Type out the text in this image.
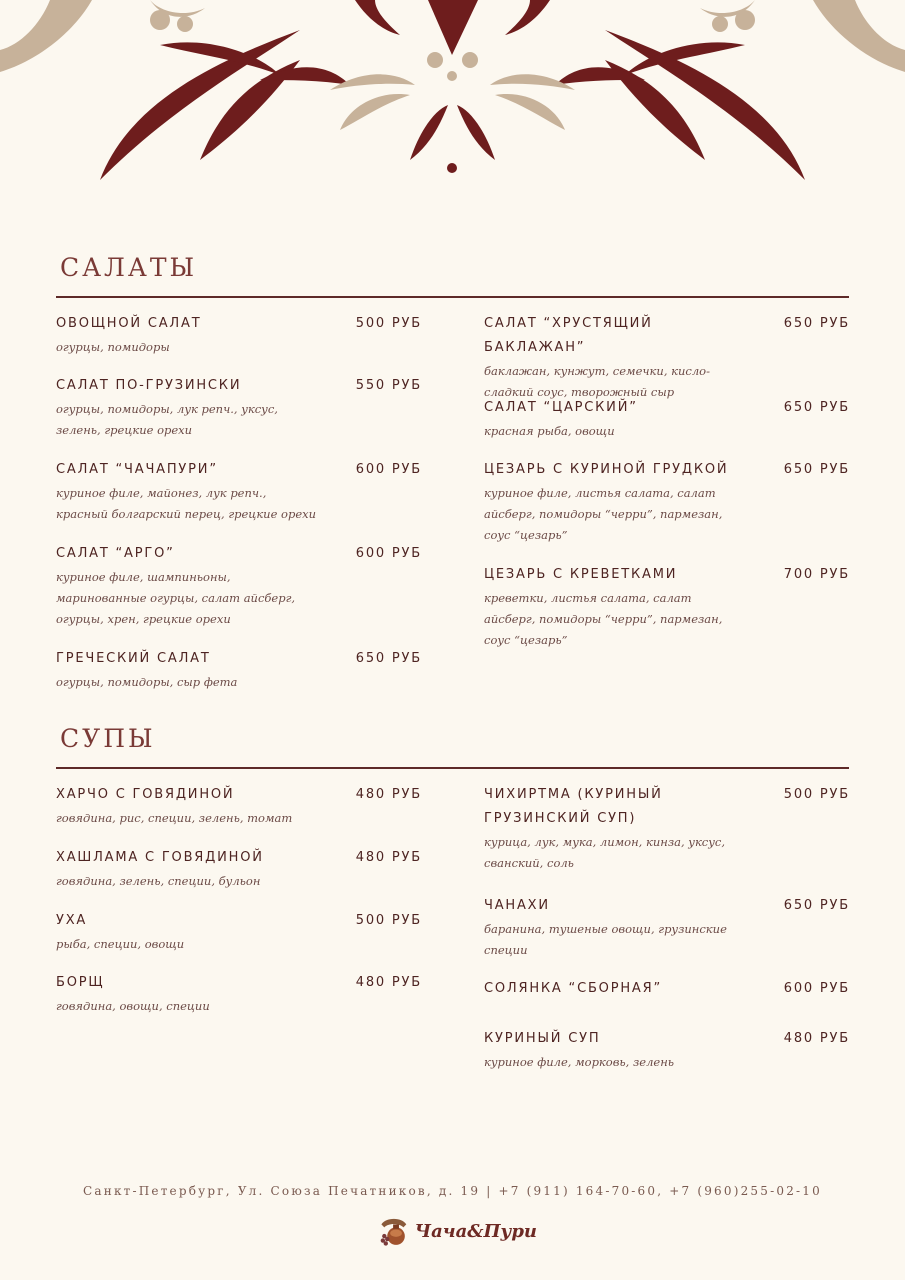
САЛАТЫ
ОВОЩНОЙ САЛАТ	500 РУБ
огурцы, помидоры
САЛАТ ПО-ГРУЗИНСКИ	550 РУБ
огурцы, помидоры, лук репч., уксус,
зелень, грецкие орехи
САЛАТ “ЧАЧАПУРИ”	600 РУБ
куриное филе, майонез, лук репч.,
красный болгарский перец, грецкие орехи
САЛАТ “АРГО”	600 РУБ
куриное филе, шампиньоны,
маринованные огурцы, салат айсберг,
огурцы, хрен, грецкие орехи
ГРЕЧЕСКИЙ САЛАТ	650 РУБ
огурцы, помидоры, сыр фета
САЛАТ “ХРУСТЯЩИЙ БАКЛАЖАН”
650 РУБ
баклажан, кунжут, семечки, кисло-
сладкий соус, творожный сыр
САЛАТ “ЦАРСКИЙ”	650 РУБ
красная рыба, овощи
ЦЕЗАРЬ С КУРИНОЙ ГРУДКОЙ	650 РУБ
куриное филе, листья салата, салат
айсберг, помидоры “черри”, пармезан,
соус “цезарь”
ЦЕЗАРЬ С КРЕВЕТКАМИ	700 РУБ
креветки, листья салата, салат
айсберг, помидоры “черри”, пармезан,
соус “цезарь”
СУПЫ
ХАРЧО С ГОВЯДИНОЙ	480 РУБ
говядина, рис, специи, зелень, томат
ХАШЛАМА С ГОВЯДИНОЙ	480 РУБ
говядина, зелень, специи, бульон
УХА	500 РУБ
рыба, специи, овощи
БОРЩ	480 РУБ
говядина, овощи, специи
ЧИХИРТМА (КУРИНЫЙ ГРУЗИНСКИЙ СУП)
500 РУБ
курица, лук, мука, лимон, кинза, уксус,
сванский, соль
ЧАНАХИ	650 РУБ
баранина, тушеные овощи, грузинские
специи
СОЛЯНКА “СБОРНАЯ”	600 РУБ
КУРИНЫЙ СУП	480 РУБ
куриное филе, морковь, зелень
Санкт-Петербург, Ул. Союза Печатников, д. 19 | +7 (911) 164-70-60, +7 (960)255-02-10
Чача&Пури
